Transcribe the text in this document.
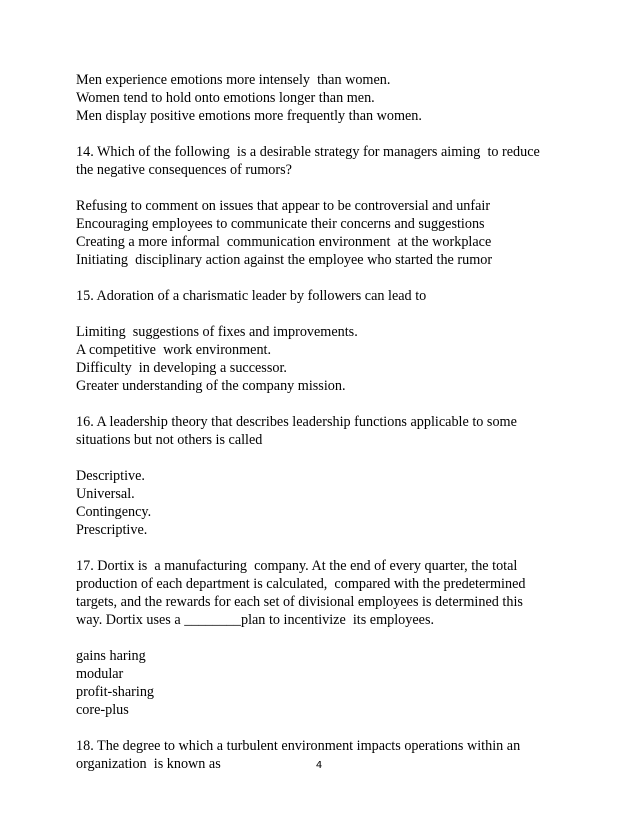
Men experience emotions more intensely  than women.
Women tend to hold onto emotions longer than men.
Men display positive emotions more frequently than women.
14. Which of the following  is a desirable strategy for managers aiming  to reduce
the negative consequences of rumors?
Refusing to comment on issues that appear to be controversial and unfair
Encouraging employees to communicate their concerns and suggestions
Creating a more informal  communication environment  at the workplace
Initiating  disciplinary action against the employee who started the rumor
15. Adoration of a charismatic leader by followers can lead to
Limiting  suggestions of fixes and improvements.
A competitive  work environment.
Difficulty  in developing a successor.
Greater understanding of the company mission.
16. A leadership theory that describes leadership functions applicable to some
situations but not others is called
Descriptive.
Universal.
Contingency.
Prescriptive.
17. Dortix is  a manufacturing  company. At the end of every quarter, the total
production of each department is calculated,  compared with the predetermined
targets, and the rewards for each set of divisional employees is determined this
way. Dortix uses a ________plan to incentivize  its employees.
gains haring
modular
profit-sharing
core-plus
18. The degree to which a turbulent environment impacts operations within an
organization  is known as	4
